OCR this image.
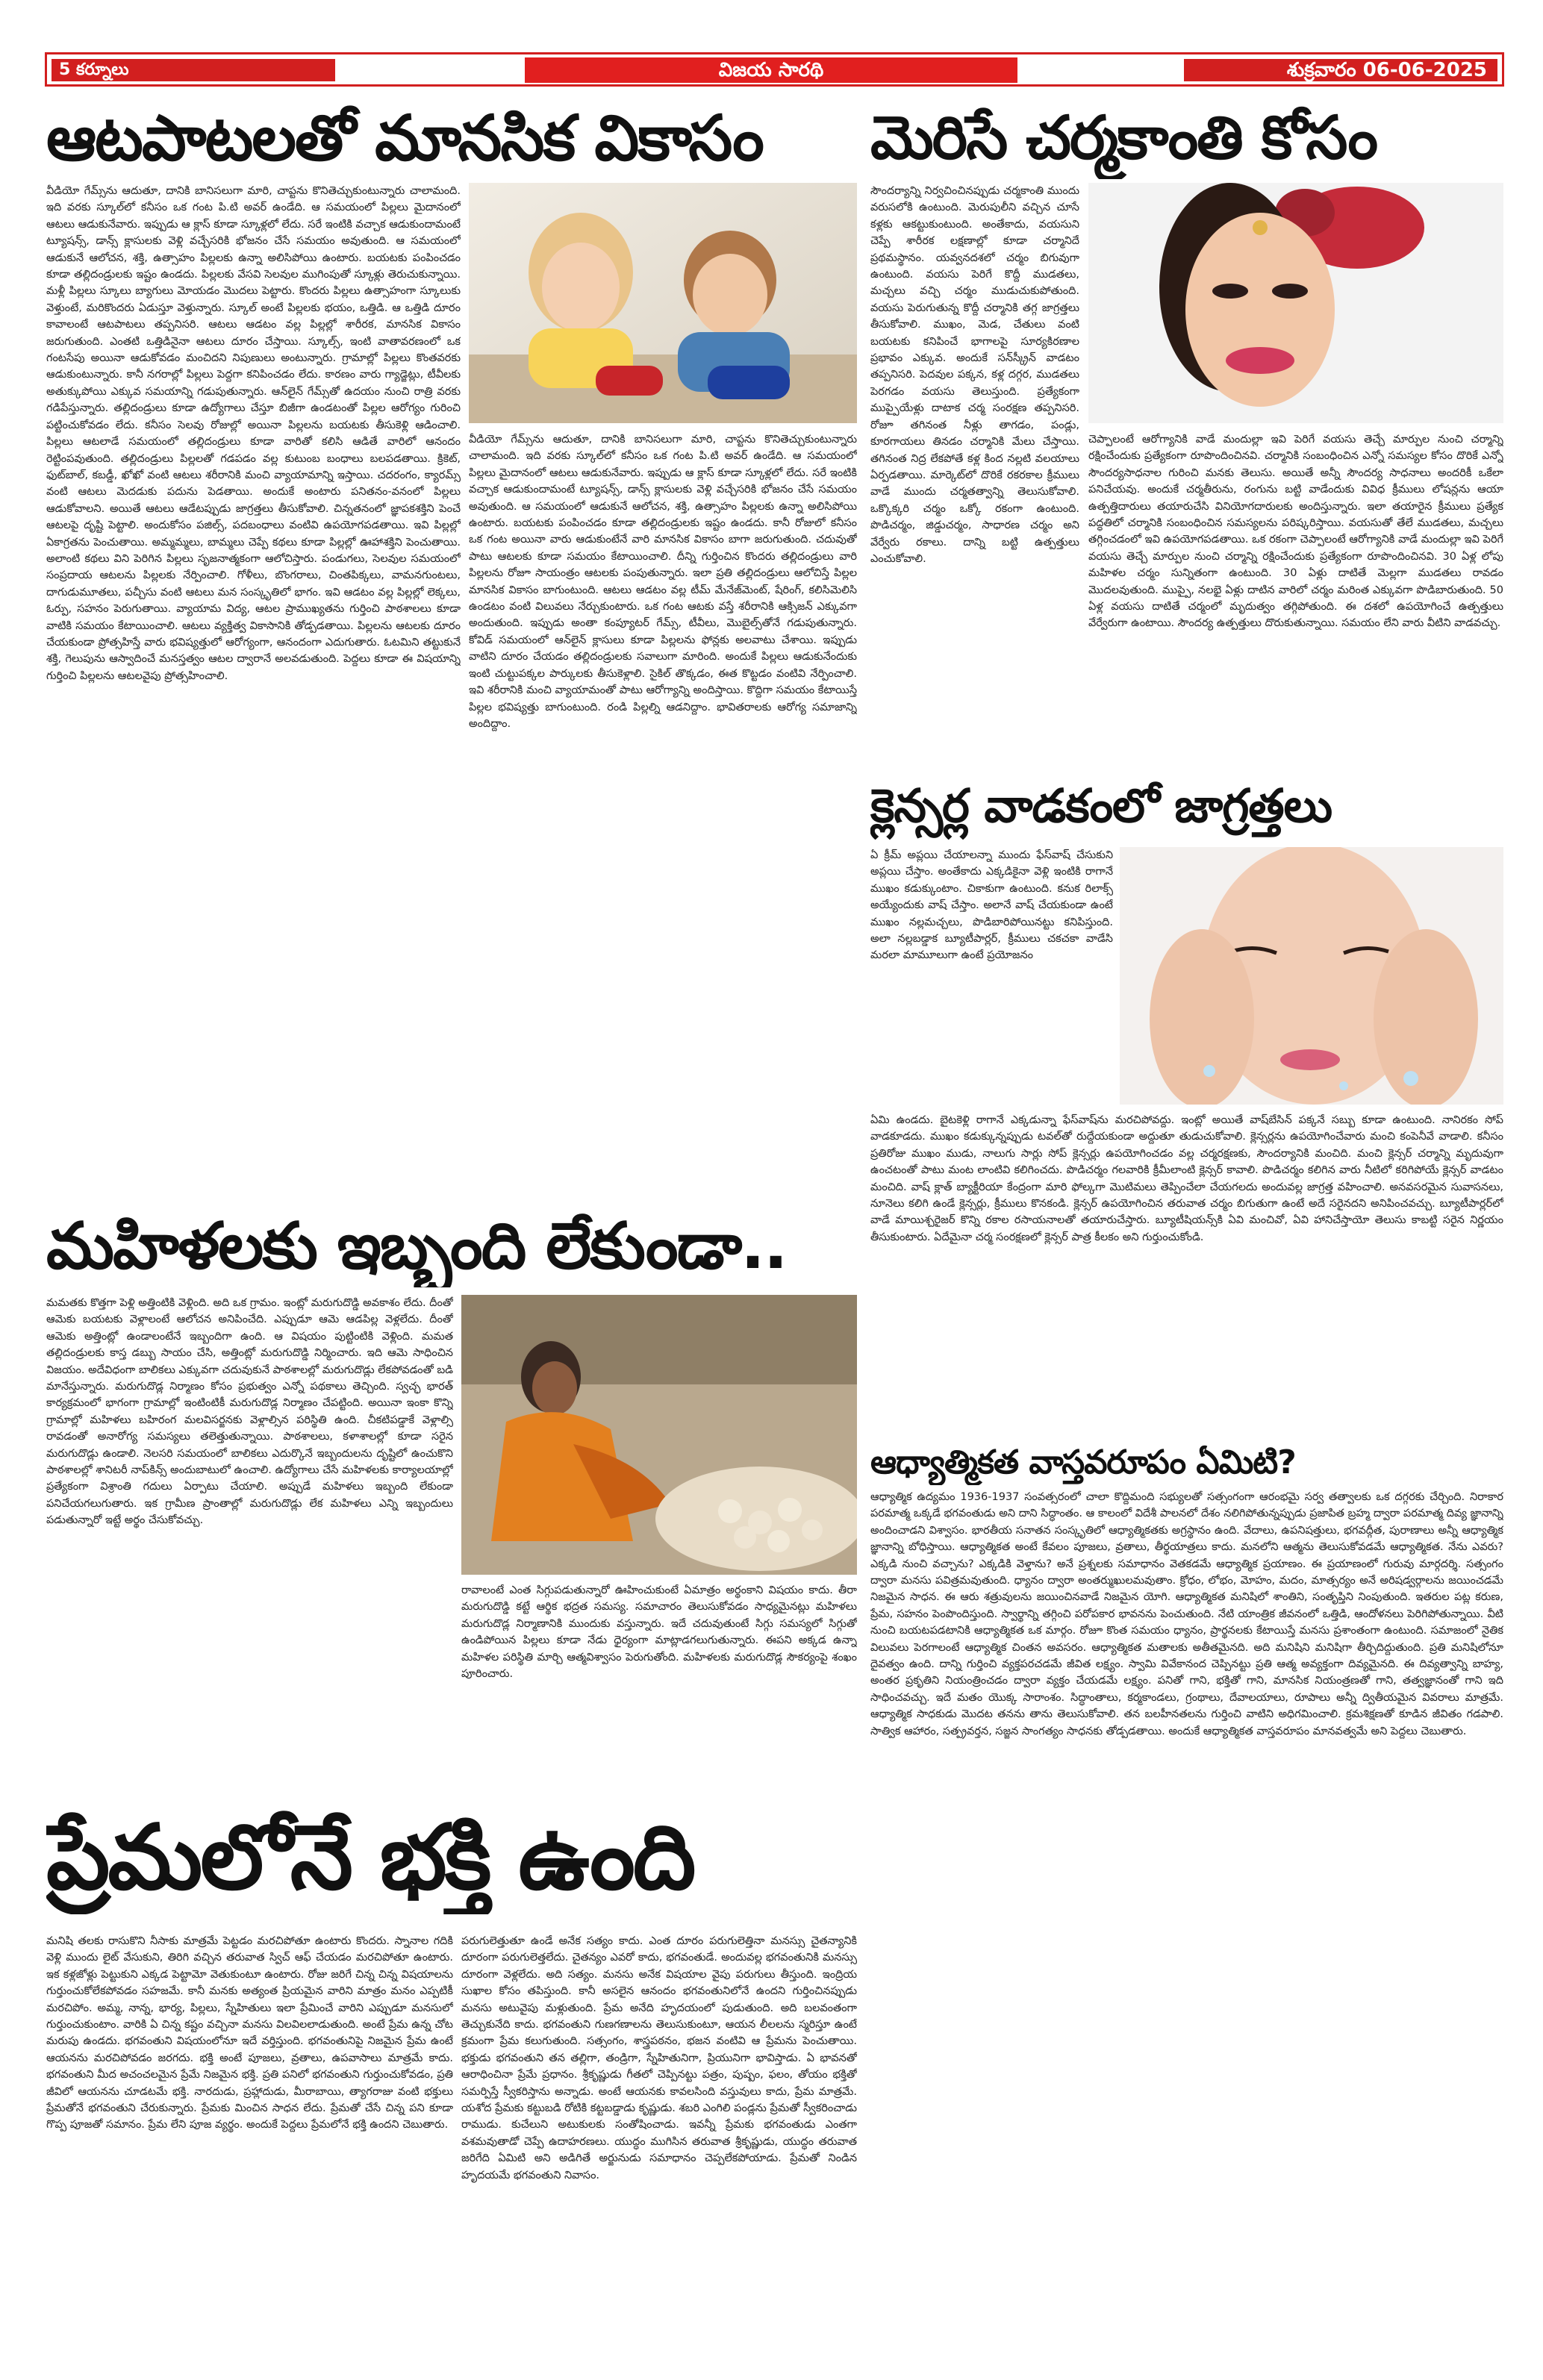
5 కర్నూలు	విజయ సారథి	శుక్రవారం 06-06-2025
ఆటపాటలతో మానసిక వికాసం
వీడియో గేమ్స్‌ను ఆదుతూ, దానికి బానిసలుగా మారి, చాప్టను కొనితెచ్చుకుంటున్నారు చాలామంది. ఇది వరకు స్కూల్‌లో కనీసం ఒక గంట పి.టి అవర్ ఉండేది. ఆ సమయంలో పిల్లలు మైదానంలో ఆటలు ఆడుకునేవారు. ఇప్పుడు ఆ క్లాస్ కూడా స్కూళ్లలో లేదు. సరే ఇంటికి వచ్చాక ఆడుకుందామంటే ట్యూషన్స్, డాన్స్ క్లాసులకు వెళ్లి వచ్చేసరికి భోజనం చేసే సమయం అవుతుంది. ఆ సమయంలో ఆడుకునే ఆలోచన, శక్తి, ఉత్సాహం పిల్లలకు ఉన్నా అలిసిపోయి ఉంటారు. బయటకు పంపించడం కూడా తల్లిదండ్రులకు ఇష్టం ఉండదు. పిల్లలకు వేసవి సెలవుల ముగింపుతో స్కూళ్లు తెరుచుకున్నాయి. మళ్లీ పిల్లలు స్కూలు బ్యాగులు మోయడం మొదలు పెట్టారు. కొందరు పిల్లలు ఉత్సాహంగా స్కూలుకు వెళ్తుంటే, మరికొందరు ఏడుస్తూ వెళ్తున్నారు. స్కూల్ అంటే పిల్లలకు భయం, ఒత్తిడి. ఆ ఒత్తిడి దూరం కావాలంటే ఆటపాటలు తప్పనిసరి. ఆటలు ఆడటం వల్ల పిల్లల్లో శారీరక, మానసిక వికాసం జరుగుతుంది. ఎంతటి ఒత్తిడినైనా ఆటలు దూరం చేస్తాయి. స్కూల్స్, ఇంటి వాతావరణంలో ఒక గంటసేపు అయినా ఆడుకోవడం మంచిదని నిపుణులు అంటున్నారు. గ్రామాల్లో పిల్లలు కొంతవరకు ఆడుకుంటున్నారు. కానీ నగరాల్లో పిల్లలు పెద్దగా కనిపించడం లేదు. కారణం వారు గ్యాడ్జెట్లు, టీవీలకు అతుక్కుపోయి ఎక్కువ సమయాన్ని గడుపుతున్నారు. ఆన్‌లైన్ గేమ్స్‌తో ఉదయం నుంచి రాత్రి వరకు గడిపేస్తున్నారు. తల్లిదండ్రులు కూడా ఉద్యోగాలు చేస్తూ బిజీగా ఉండటంతో పిల్లల ఆరోగ్యం గురించి పట్టించుకోవడం లేదు. కనీసం సెలవు రోజుల్లో అయినా పిల్లలను బయటకు తీసుకెళ్లి ఆడించాలి. పిల్లలు ఆటలాడే సమయంలో తల్లిదండ్రులు కూడా వారితో కలిసి ఆడితే వారిలో ఆనందం రెట్టింపవుతుంది. తల్లిదండ్రులు పిల్లలతో గడపడం వల్ల కుటుంబ బంధాలు బలపడతాయి. క్రికెట్, ఫుట్‌బాల్, కబడ్డీ, ఖోఖో వంటి ఆటలు శరీరానికి మంచి వ్యాయామాన్ని ఇస్తాయి. చదరంగం, క్యారమ్స్ వంటి ఆటలు మెదడుకు పదును పెడతాయి. అందుకే అంటారు పనితనం-వనంలో పిల్లలు ఆడుకోవాలని. అయితే ఆటలు ఆడేటప్పుడు జాగ్రత్తలు తీసుకోవాలి. చిన్నతనంలో జ్ఞాపకశక్తిని పెంచే ఆటలపై దృష్టి పెట్టాలి. అందుకోసం పజిల్స్, పదబంధాలు వంటివి ఉపయోగపడతాయి. ఇవి పిల్లల్లో ఏకాగ్రతను పెంచుతాయి. అమ్మమ్మలు, బామ్మలు చెప్పే కథలు కూడా పిల్లల్లో ఊహాశక్తిని పెంచుతాయి. అలాంటి కథలు విని పెరిగిన పిల్లలు సృజనాత్మకంగా ఆలోచిస్తారు. పండుగలు, సెలవుల సమయంలో సంప్రదాయ ఆటలను పిల్లలకు నేర్పించాలి. గోళీలు, బొంగరాలు, చింతపిక్కలు, వామనగుంటలు, దాగుడుమూతలు, పచ్చీసు వంటి ఆటలు మన సంస్కృతిలో భాగం. ఇవి ఆడటం వల్ల పిల్లల్లో లెక్కలు, ఓర్పు, సహనం పెరుగుతాయి. వ్యాయామ విద్య, ఆటల ప్రాముఖ్యతను గుర్తించి పాఠశాలలు కూడా వాటికి సమయం కేటాయించాలి. ఆటలు వ్యక్తిత్వ వికాసానికి తోడ్పడతాయి. పిల్లలను ఆటలకు దూరం చేయకుండా ప్రోత్సహిస్తే వారు భవిష్యత్తులో ఆరోగ్యంగా, ఆనందంగా ఎదుగుతారు. ఓటమిని తట్టుకునే శక్తి, గెలుపును ఆస్వాదించే మనస్తత్వం ఆటల ద్వారానే అలవడుతుంది. పెద్దలు కూడా ఈ విషయాన్ని గుర్తించి పిల్లలను ఆటలవైపు ప్రోత్సహించాలి.
వీడియో గేమ్స్‌ను ఆదుతూ, దానికి బానిసలుగా మారి, చాప్టను కొనితెచ్చుకుంటున్నారు చాలామంది. ఇది వరకు స్కూల్‌లో కనీసం ఒక గంట పి.టి అవర్ ఉండేది. ఆ సమయంలో పిల్లలు మైదానంలో ఆటలు ఆడుకునేవారు. ఇప్పుడు ఆ క్లాస్ కూడా స్కూళ్లలో లేదు. సరే ఇంటికి వచ్చాక ఆడుకుందామంటే ట్యూషన్స్, డాన్స్ క్లాసులకు వెళ్లి వచ్చేసరికి భోజనం చేసే సమయం అవుతుంది. ఆ సమయంలో ఆడుకునే ఆలోచన, శక్తి, ఉత్సాహం పిల్లలకు ఉన్నా అలిసిపోయి ఉంటారు. బయటకు పంపించడం కూడా తల్లిదండ్రులకు ఇష్టం ఉండదు. కానీ రోజులో కనీసం ఒక గంట అయినా వారు ఆడుకుంటేనే వారి మానసిక వికాసం బాగా జరుగుతుంది. చదువుతో పాటు ఆటలకు కూడా సమయం కేటాయించాలి. దీన్ని గుర్తించిన కొందరు తల్లిదండ్రులు వారి పిల్లలను రోజూ సాయంత్రం ఆటలకు పంపుతున్నారు. ఇలా ప్రతి తల్లిదండ్రులు ఆలోచిస్తే పిల్లల మానసిక వికాసం బాగుంటుంది. ఆటలు ఆడటం వల్ల టీమ్ మేనేజ్‌మెంట్, షేరింగ్, కలిసిమెలిసి ఉండటం వంటి విలువలు నేర్చుకుంటారు. ఒక గంట ఆటకు వస్తే శరీరానికి ఆక్సిజన్ ఎక్కువగా అందుతుంది. ఇప్పుడు అంతా కంప్యూటర్ గేమ్స్, టీవీలు, మొబైల్స్‌తోనే గడుపుతున్నారు. కోవిడ్ సమయంలో ఆన్‌లైన్ క్లాసులు కూడా పిల్లలను ఫోన్లకు అలవాటు చేశాయి. ఇప్పుడు వాటిని దూరం చేయడం తల్లిదండ్రులకు సవాలుగా మారింది. అందుకే పిల్లలు ఆడుకునేందుకు ఇంటి చుట్టుపక్కల పార్కులకు తీసుకెళ్లాలి. సైకిల్ తొక్కడం, ఈత కొట్టడం వంటివి నేర్పించాలి. ఇవి శరీరానికి మంచి వ్యాయామంతో పాటు ఆరోగ్యాన్ని అందిస్తాయి. కొద్దిగా సమయం కేటాయిస్తే పిల్లల భవిష్యత్తు బాగుంటుంది. రండి పిల్లల్ని ఆడనిద్దాం. భావితరాలకు ఆరోగ్య సమాజాన్ని అందిద్దాం.
మెరిసే చర్మకాంతి కోసం
సౌందర్యాన్ని నిర్వచించినప్పుడు చర్మకాంతి ముందు వరుసలోకి ఉంటుంది. మెరుపులీని వచ్చిన చూసే కళ్లకు ఆకట్టుకుంటుంది. అంతేకాదు, వయసుని చెప్పే శారీరక లక్షణాల్లో కూడా చర్మానిదే ప్రథమస్థానం. యవ్వనదశలో చర్మం బిగువుగా ఉంటుంది. వయసు పెరిగే కొద్దీ ముడతలు, మచ్చలు వచ్చి చర్మం ముడుచుకుపోతుంది. వయసు పెరుగుతున్న కొద్దీ చర్మానికి తగ్గ జాగ్రత్తలు తీసుకోవాలి. ముఖం, మెడ, చేతులు వంటి బయటకు కనిపించే భాగాలపై సూర్యకిరణాల ప్రభావం ఎక్కువ. అందుకే సన్‌స్క్రీన్ వాడటం తప్పనిసరి. పెదవుల పక్కన, కళ్ల దగ్గర, ముడతలు పెరగడం వయసు తెలుస్తుంది. ప్రత్యేకంగా ముప్పైయేళ్లు దాటాక చర్మ సంరక్షణ తప్పనిసరి. రోజూ తగినంత నీళ్లు తాగడం, పండ్లు, కూరగాయలు తినడం చర్మానికి మేలు చేస్తాయి. తగినంత నిద్ర లేకపోతే కళ్ల కింద నల్లటి వలయాలు ఏర్పడతాయి. మార్కెట్‌లో దొరికే రకరకాల క్రీములు వాడే ముందు చర్మతత్వాన్ని తెలుసుకోవాలి. ఒక్కొక్కరి చర్మం ఒక్కో రకంగా ఉంటుంది. పొడిచర్మం, జిడ్డుచర్మం, సాధారణ చర్మం అని వేర్వేరు రకాలు. దాన్ని బట్టి ఉత్పత్తులు ఎంచుకోవాలి.
చెప్పాలంటే ఆరోగ్యానికి వాడే మందుల్లా ఇవి పెరిగే వయసు తెచ్చే మార్పుల నుంచి చర్మాన్ని రక్షించేందుకు ప్రత్యేకంగా రూపొందించినవి. చర్మానికి సంబంధించిన ఎన్నో సమస్యల కోసం దొరికే ఎన్నో సౌందర్యసాధనాల గురించి మనకు తెలుసు. అయితే అన్నీ సౌందర్య సాధనాలు అందరికీ ఒకేలా పనిచేయవు. అందుకే చర్మతీరును, రంగును బట్టి వాడేందుకు వివిధ క్రీములు లోషన్లను ఆయా ఉత్పత్తిదారులు తయారుచేసి వినియోగదారులకు అందిస్తున్నారు. ఇలా తయారైన క్రీములు ప్రత్యేక పద్ధతిలో చర్మానికి సంబంధించిన సమస్యలను పరిష్కరిస్తాయి. వయసుతో తేలే ముడతలు, మచ్చలు తగ్గించడంలో ఇవి ఉపయోగపడతాయి. ఒక రకంగా చెప్పాలంటే ఆరోగ్యానికి వాడే మందుల్లా ఇవి పెరిగే వయసు తెచ్చే మార్పుల నుంచి చర్మాన్ని రక్షించేందుకు ప్రత్యేకంగా రూపొందించినవి. 30 ఏళ్ల లోపు మహిళల చర్మం సున్నితంగా ఉంటుంది. 30 ఏళ్లు దాటితే మెల్లగా ముడతలు రావడం మొదలవుతుంది. ముప్పై, నలభై ఏళ్లు దాటిన వారిలో చర్మం మరింత ఎక్కువగా పొడిబారుతుంది. 50 ఏళ్ల వయసు దాటితే చర్మంలో మృదుత్వం తగ్గిపోతుంది. ఈ దశలో ఉపయోగించే ఉత్పత్తులు వేర్వేరుగా ఉంటాయి. సౌందర్య ఉత్పత్తులు దొరుకుతున్నాయి. సమయం లేని వారు వీటిని వాడవచ్చు.
క్లెన్సర్ల వాడకంలో జాగ్రత్తలు
ఏ క్రీమ్ అప్లయి చేయాలన్నా ముందు ఫేస్‌వాష్ చేసుకుని అప్లయి చేస్తాం. అంతేకాదు ఎక్కడికైనా వెళ్లి ఇంటికి రాగానే ముఖం కడుక్కుంటాం. చికాకుగా ఉంటుంది. కనుక రిలాక్స్ అయ్యేందుకు వాష్ చేస్తాం. అలానే వాష్ చేయకుండా ఉంటే ముఖం నల్లమచ్చలు, పొడిబారిపోయినట్టు కనిపిస్తుంది. అలా నల్లబడ్డాక బ్యూటీపార్లర్, క్రీములు చకచకా వాడేసి మరలా మామూలుగా ఉంటే ప్రయోజనం
ఏమి ఉండదు. బైటకెళ్లి రాగానే ఎక్కడున్నా ఫేస్‌వాష్‌ను మరచిపోవద్దు. ఇంట్లో అయితే వాష్‌బేసిన్ పక్కనే సబ్బు కూడా ఉంటుంది. నానిరకం సోప్ వాడకూడదు. ముఖం కడుక్కున్నప్పుడు టవల్‌తో రుద్దేయకుండా అద్దుతూ తుడుచుకోవాలి. క్లెన్సర్లను ఉపయోగించేవారు మంచి కంపెనీవే వాడాలి. కనీసం ప్రతిరోజు ముఖం ముడు, నాలుగు సార్లు సోప్ క్లెన్సర్లు ఉపయోగించడం వల్ల చర్మరక్షణకు, సౌందర్యానికి మంచిది. మంచి క్లెన్సర్ చర్మాన్ని మృదువుగా ఉంచటంతో పాటు మంట లాంటివి కలిగించదు. పొడిచర్మం గలవారికి క్రీమీలాంటి క్లెన్సర్ కావాలి. పొడిచర్మం కలిగిన వారు నీటిలో కరిగిపోయే క్లెన్సర్ వాడటం మంచిది. వాష్ క్లాత్ బ్యాక్టీరియా కేంద్రంగా మారి ఫోల్కగా మొటిమలు తెప్పించేలా చేయగలదు అందువల్ల జాగ్రత్త వహించాలి. అనవసరమైన సువాసనలు, నూనెలు కలిగి ఉండే క్లెన్సర్లు, క్రీములు కొనకండి. క్లెన్సర్ ఉపయోగించిన తరువాత చర్మం బిగుతుగా ఉంటే అదే సరైనదని అనిపించవచ్చు. బ్యూటీపార్లర్‌లో వాడే మాయిశ్చరైజర్ కొన్ని రకాల రసాయనాలతో తయారుచేస్తారు. బ్యూటీషియన్స్‌కి ఏవి మంచివో, ఏవి హానిచేస్తాయో తెలుసు కాబట్టి సరైన నిర్ణయం తీసుకుంటారు. ఏదేమైనా చర్మ సంరక్షణలో క్లెన్సర్ పాత్ర కీలకం అని గుర్తుంచుకోండి.
ఆధ్యాత్మికత వాస్తవరూపం ఏమిటి?
ఆధ్యాత్మిక ఉద్యమం 1936-1937 సంవత్సరంలో చాలా కొద్దిమంది సభ్యులతో సత్సంగంగా ఆరంభమై సర్వ తత్వాలకు ఒక దగ్గరకు చేర్చింది. నిరాకార పరమాత్మ ఒక్కడే భగవంతుడు అని దాని సిద్ధాంతం. ఆ కాలంలో విదేశీ పాలనలో దేశం నలిగిపోతున్నప్పుడు ప్రజాపిత బ్రహ్మ ద్వారా పరమాత్మ దివ్య జ్ఞానాన్ని అందించాడని విశ్వాసం. భారతీయ సనాతన సంస్కృతిలో ఆధ్యాత్మికతకు అగ్రస్థానం ఉంది. వేదాలు, ఉపనిషత్తులు, భగవద్గీత, పురాణాలు అన్నీ ఆధ్యాత్మిక జ్ఞానాన్ని బోధిస్తాయి. ఆధ్యాత్మికత అంటే కేవలం పూజలు, వ్రతాలు, తీర్థయాత్రలు కాదు. మనలోని ఆత్మను తెలుసుకోవడమే ఆధ్యాత్మికత. నేను ఎవరు? ఎక్కడి నుంచి వచ్చాను? ఎక్కడికి వెళ్తాను? అనే ప్రశ్నలకు సమాధానం వెతకడమే ఆధ్యాత్మిక ప్రయాణం. ఈ ప్రయాణంలో గురువు మార్గదర్శి. సత్సంగం ద్వారా మనసు పవిత్రమవుతుంది. ధ్యానం ద్వారా అంతర్ముఖులమవుతాం. క్రోధం, లోభం, మోహం, మదం, మాత్సర్యం అనే అరిషడ్వర్గాలను జయించడమే నిజమైన సాధన. ఈ ఆరు శత్రువులను జయించినవాడే నిజమైన యోగి. ఆధ్యాత్మికత మనిషిలో శాంతిని, సంతృప్తిని నింపుతుంది. ఇతరుల పట్ల కరుణ, ప్రేమ, సహనం పెంపొందిస్తుంది. స్వార్థాన్ని తగ్గించి పరోపకార భావనను పెంచుతుంది. నేటి యాంత్రిక జీవనంలో ఒత్తిడి, ఆందోళనలు పెరిగిపోతున్నాయి. వీటి నుంచి బయటపడటానికి ఆధ్యాత్మికత ఒక మార్గం. రోజూ కొంత సమయం ధ్యానం, ప్రార్థనలకు కేటాయిస్తే మనసు ప్రశాంతంగా ఉంటుంది. సమాజంలో నైతిక విలువలు పెరగాలంటే ఆధ్యాత్మిక చింతన అవసరం. ఆధ్యాత్మికత మతాలకు అతీతమైనది. అది మనిషిని మనిషిగా తీర్చిదిద్దుతుంది. ప్రతి మనిషిలోనూ దైవత్వం ఉంది. దాన్ని గుర్తించి వ్యక్తపరచడమే జీవిత లక్ష్యం. స్వామి వివేకానంద చెప్పినట్టు ప్రతి ఆత్మ అవ్యక్తంగా దివ్యమైనది. ఈ దివ్యత్వాన్ని బాహ్య, అంతర ప్రకృతిని నియంత్రించడం ద్వారా వ్యక్తం చేయడమే లక్ష్యం. పనితో గాని, భక్తితో గాని, మానసిక నియంత్రణతో గాని, తత్వజ్ఞానంతో గాని ఇది సాధించవచ్చు. ఇదే మతం యొక్క సారాంశం. సిద్ధాంతాలు, కర్మకాండలు, గ్రంథాలు, దేవాలయాలు, రూపాలు అన్నీ ద్వితీయమైన వివరాలు మాత్రమే. ఆధ్యాత్మిక సాధకుడు మొదట తనను తాను తెలుసుకోవాలి. తన బలహీనతలను గుర్తించి వాటిని అధిగమించాలి. క్రమశిక్షణతో కూడిన జీవితం గడపాలి. సాత్విక ఆహారం, సత్ప్రవర్తన, సజ్జన సాంగత్యం సాధనకు తోడ్పడతాయి. అందుకే ఆధ్యాత్మికత వాస్తవరూపం మానవత్వమే అని పెద్దలు చెబుతారు.
మహిళలకు ఇబ్బంది లేకుండా..
మమతకు కొత్తగా పెళ్లి అత్తింటికి వెళ్లింది. అది ఒక గ్రామం. ఇంట్లో మరుగుదొడ్డి అవకాశం లేదు. దీంతో ఆమెకు బయటకు వెళ్లాలంటే ఆలోచన అనిపించేది. ఎప్పుడూ ఆమె ఆడపిల్ల వెళ్లలేదు. దీంతో ఆమెకు అత్తింట్లో ఉండాలంటేనే ఇబ్బందిగా ఉంది. ఆ విషయం పుట్టింటికి వెళ్లింది. మమత తల్లిదండ్రులకు కాస్త డబ్బు సాయం చేసి, అత్తింట్లో మరుగుదొడ్డి నిర్మించారు. ఇది ఆమె సాధించిన విజయం. అదేవిధంగా బాలికలు ఎక్కువగా చదువుకునే పాఠశాలల్లో మరుగుదొడ్లు లేకపోవడంతో బడి మానేస్తున్నారు. మరుగుదొడ్ల నిర్మాణం కోసం ప్రభుత్వం ఎన్నో పథకాలు తెచ్చింది. స్వచ్ఛ భారత్ కార్యక్రమంలో భాగంగా గ్రామాల్లో ఇంటింటికీ మరుగుదొడ్ల నిర్మాణం చేపట్టింది. అయినా ఇంకా కొన్ని గ్రామాల్లో మహిళలు బహిరంగ మలవిసర్జనకు వెళ్లాల్సిన పరిస్థితి ఉంది. చీకటిపడ్డాకే వెళ్లాల్సి రావడంతో అనారోగ్య సమస్యలు తలెత్తుతున్నాయి. పాఠశాలలు, కళాశాలల్లో కూడా సరైన మరుగుదొడ్లు ఉండాలి. నెలసరి సమయంలో బాలికలు ఎదుర్కొనే ఇబ్బందులను దృష్టిలో ఉంచుకొని పాఠశాలల్లో శానిటరీ నాప్‌కిన్స్ అందుబాటులో ఉంచాలి. ఉద్యోగాలు చేసే మహిళలకు కార్యాలయాల్లో ప్రత్యేకంగా విశ్రాంతి గదులు ఏర్పాటు చేయాలి. అప్పుడే మహిళలు ఇబ్బంది లేకుండా పనిచేయగలుగుతారు. ఇక గ్రామీణ ప్రాంతాల్లో మరుగుదొడ్లు లేక మహిళలు ఎన్ని ఇబ్బందులు పడుతున్నారో ఇట్టే అర్థం చేసుకోవచ్చు.
రావాలంటే ఎంత సిగ్గుపడుతున్నారో ఊహించుకుంటే ఏమాత్రం అర్థంకాని విషయం కాదు. తీరా మరుగుదొడ్డి కట్టే ఆర్థిక భద్రత సమస్య. సమాచారం తెలుసుకోవడం సాధ్యమైనట్లు మహిళలు మరుగుదొడ్ల నిర్మాణానికి ముందుకు వస్తున్నారు. ఇదే చదువుతుంటే సిగ్గు సమస్యలో సిగ్గుతో ఉండిపోయిన పిల్లలు కూడా నేడు ధైర్యంగా మాట్లాడగలుగుతున్నారు. ఈపని అక్కడ ఉన్నా మహిళల పరిస్థితి మార్చి ఆత్మవిశ్వాసం పెరుగుతోంది. మహిళలకు మరుగుదొడ్ల సౌకర్యంపై శంఖం పూరించారు.
ప్రేమలోనే భక్తి ఉంది
మనిషి తలకు రాసుకొని నీసాకు మాత్రమే పెట్టడం మరచిపోతూ ఉంటారు కొందరు. స్నానాల గదికి వెళ్లి ముందు లైట్ వేసుకుని, తిరిగి వచ్చిన తరువాత స్విచ్‌ ఆఫ్ చేయడం మరచిపోతూ ఉంటారు. ఇక కళ్లజోళ్లు పెట్టుకుని ఎక్కడ పెట్టామో వెతుకుంటూ ఉంటారు. రోజు జరిగే చిన్న చిన్న విషయాలను గుర్తుంచుకోలేకపోవడం సహజమే. కానీ మనకు అత్యంత ప్రియమైన వారిని మాత్రం మనం ఎప్పటికీ మరచిపోం. అమ్మ, నాన్న, భార్య, పిల్లలు, స్నేహితులు ఇలా ప్రేమించే వారిని ఎప్పుడూ మనసులో గుర్తుంచుకుంటాం. వారికి ఏ చిన్న కష్టం వచ్చినా మనసు విలవిలలాడుతుంది. అంటే ప్రేమ ఉన్న చోట మరుపు ఉండదు. భగవంతుని విషయంలోనూ ఇదే వర్తిస్తుంది. భగవంతునిపై నిజమైన ప్రేమ ఉంటే ఆయనను మరచిపోవడం జరగదు. భక్తి అంటే పూజలు, వ్రతాలు, ఉపవాసాలు మాత్రమే కాదు. భగవంతుని మీద అచంచలమైన ప్రేమే నిజమైన భక్తి. ప్రతి పనిలో భగవంతుని గుర్తుంచుకోవడం, ప్రతి జీవిలో ఆయనను చూడటమే భక్తి. నారదుడు, ప్రహ్లాదుడు, మీరాబాయి, త్యాగరాజు వంటి భక్తులు ప్రేమతోనే భగవంతుని చేరుకున్నారు. ప్రేమకు మించిన సాధన లేదు. ప్రేమతో చేసే చిన్న పని కూడా గొప్ప పూజతో సమానం. ప్రేమ లేని పూజ వ్యర్థం. అందుకే పెద్దలు ప్రేమలోనే భక్తి ఉందని చెబుతారు.
పరుగులెత్తుతూ ఉండే అనేక సత్యం కాదు. ఎంత దూరం పరుగులెత్తినా మనస్సు చైతన్యానికి దూరంగా పరుగులెత్తలేదు. చైతన్యం ఎవరో కాదు, భగవంతుడే. అందువల్ల భగవంతునికి మనస్సు దూరంగా వెళ్లలేదు. అది సత్యం. మనసు అనేక విషయాల వైపు పరుగులు తీస్తుంది. ఇంద్రియ సుఖాల కోసం తపిస్తుంది. కానీ అసలైన ఆనందం భగవంతునిలోనే ఉందని గుర్తించినప్పుడు మనసు అటువైపు మళ్లుతుంది. ప్రేమ అనేది హృదయంలో పుడుతుంది. అది బలవంతంగా తెచ్చుకునేది కాదు. భగవంతుని గుణగణాలను తెలుసుకుంటూ, ఆయన లీలలను స్మరిస్తూ ఉంటే క్రమంగా ప్రేమ కలుగుతుంది. సత్సంగం, శాస్త్రపఠనం, భజన వంటివి ఆ ప్రేమను పెంచుతాయి. భక్తుడు భగవంతుని తన తల్లిగా, తండ్రిగా, స్నేహితునిగా, ప్రియునిగా భావిస్తాడు. ఏ భావనతో ఆరాధించినా ప్రేమే ప్రధానం. శ్రీకృష్ణుడు గీతలో చెప్పినట్టు పత్రం, పుష్పం, ఫలం, తోయం భక్తితో సమర్పిస్తే స్వీకరిస్తాను అన్నాడు. అంటే ఆయనకు కావలసింది వస్తువులు కాదు, ప్రేమ మాత్రమే. యశోద ప్రేమకు కట్టుబడి రోటికి కట్టబడ్డాడు కృష్ణుడు. శబరి ఎంగిలి పండ్లను ప్రేమతో స్వీకరించాడు రాముడు. కుచేలుని అటుకులకు సంతోషించాడు. ఇవన్నీ ప్రేమకు భగవంతుడు ఎంతగా వశమవుతాడో చెప్పే ఉదాహరణలు. యుద్ధం ముగిసిన తరువాత శ్రీకృష్ణుడు, యుద్ధం తరువాత జరిగేది ఏమిటి అని అడిగితే అర్జునుడు సమాధానం చెప్పలేకపోయాడు. ప్రేమతో నిండిన హృదయమే భగవంతుని నివాసం.
